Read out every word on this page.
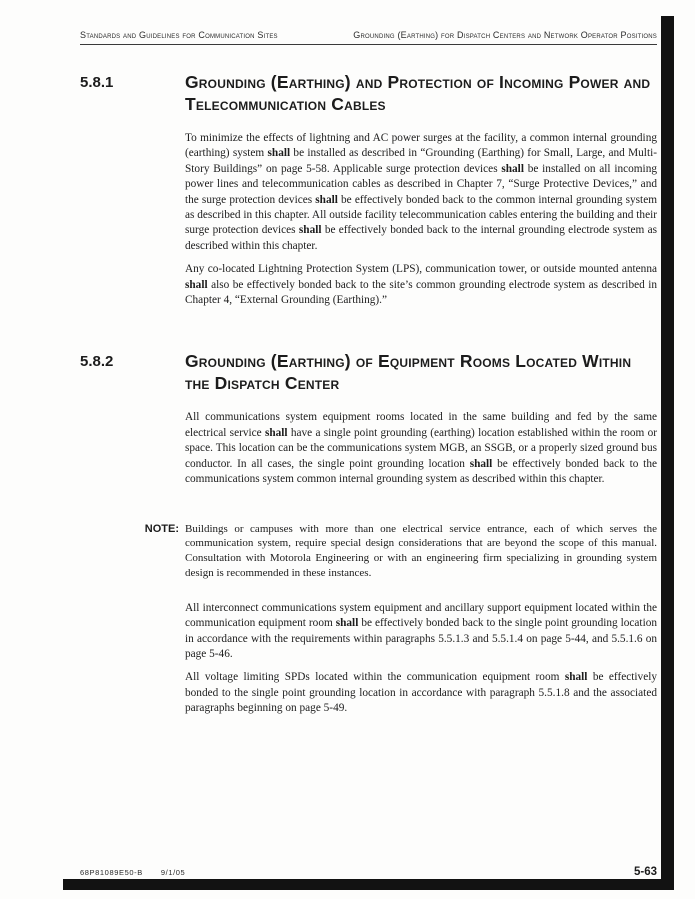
Standards and Guidelines for Communication Sites	Grounding (Earthing) for Dispatch Centers and Network Operator Positions
5.8.1	Grounding (Earthing) and Protection of Incoming Power and Telecommunication Cables

To minimize the effects of lightning and AC power surges at the facility, a common internal grounding (earthing) system shall be installed as described in “Grounding (Earthing) for Small, Large, and Multi-Story Buildings” on page 5-58. Applicable surge protection devices shall be installed on all incoming power lines and telecommunication cables as described in Chapter 7, “Surge Protective Devices,” and the surge protection devices shall be effectively bonded back to the common internal grounding system as described in this chapter. All outside facility telecommunication cables entering the building and their surge protection devices shall be effectively bonded back to the internal grounding electrode system as described within this chapter.

Any co-located Lightning Protection System (LPS), communication tower, or outside mounted antenna shall also be effectively bonded back to the site’s common grounding electrode system as described in Chapter 4, “External Grounding (Earthing).”

5.8.2	Grounding (Earthing) of Equipment Rooms Located Within the Dispatch Center

All communications system equipment rooms located in the same building and fed by the same electrical service shall have a single point grounding (earthing) location established within the room or space. This location can be the communications system MGB, an SSGB, or a properly sized ground bus conductor. In all cases, the single point grounding location shall be effectively bonded back to the communications system common internal grounding system as described within this chapter.

NOTE: Buildings or campuses with more than one electrical service entrance, each of which serves the communication system, require special design considerations that are beyond the scope of this manual. Consultation with Motorola Engineering or with an engineering firm specializing in grounding system design is recommended in these instances.

All interconnect communications system equipment and ancillary support equipment located within the communication equipment room shall be effectively bonded back to the single point grounding location in accordance with the requirements within paragraphs 5.5.1.3 and 5.5.1.4 on page 5-44, and 5.5.1.6 on page 5-46.

All voltage limiting SPDs located within the communication equipment room shall be effectively bonded to the single point grounding location in accordance with paragraph 5.5.1.8 and the associated paragraphs beginning on page 5-49.

68P81089E50-B 9/1/05	5-63
